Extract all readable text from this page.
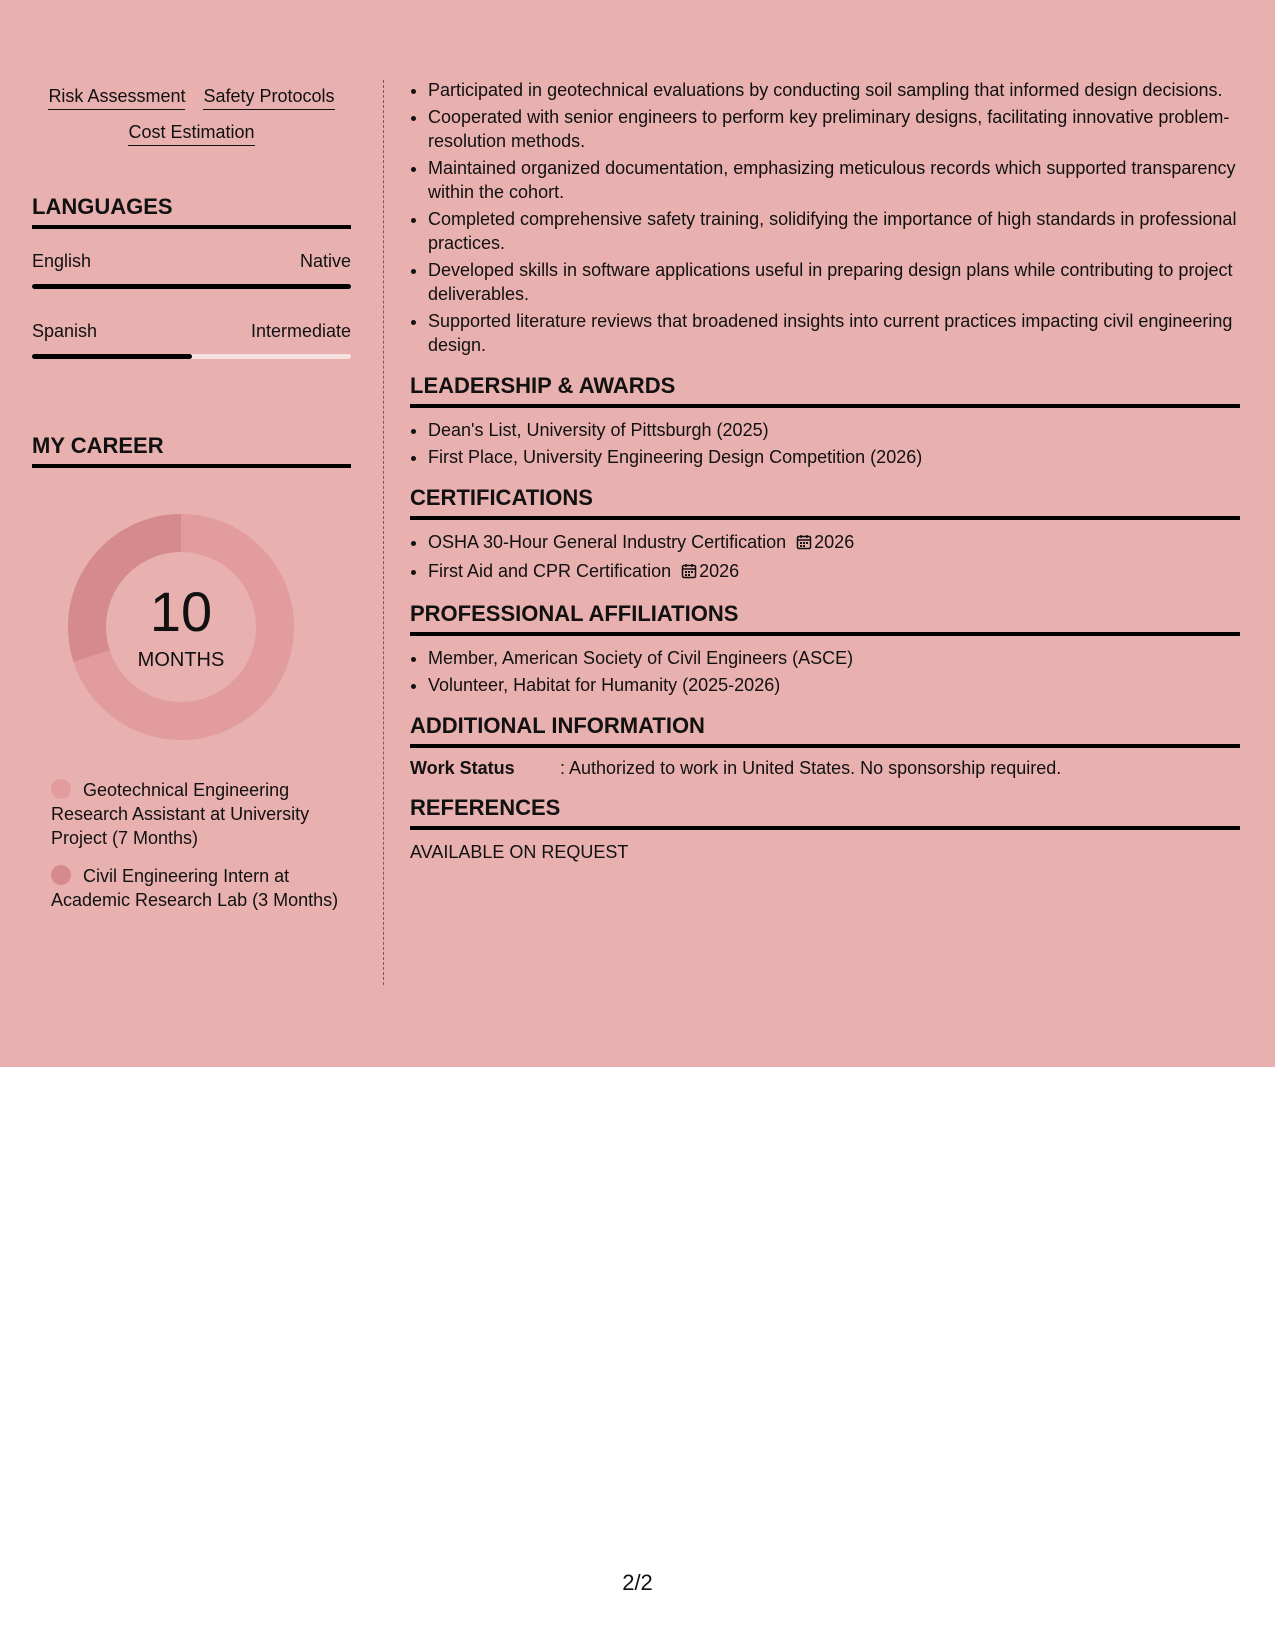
Risk Assessment Safety Protocols
Cost Estimation
LANGUAGES
English	Native
Spanish	Intermediate
MY CAREER
10
MONTHS
Geotechnical Engineering Research Assistant at University Project (7 Months)
Civil Engineering Intern at Academic Research Lab (3 Months)
• Participated in geotechnical evaluations by conducting soil sampling that informed design decisions.
• Cooperated with senior engineers to perform key preliminary designs, facilitating innovative problem-resolution methods.
• Maintained organized documentation, emphasizing meticulous records which supported transparency within the cohort.
• Completed comprehensive safety training, solidifying the importance of high standards in professional practices.
• Developed skills in software applications useful in preparing design plans while contributing to project deliverables.
• Supported literature reviews that broadened insights into current practices impacting civil engineering design.
LEADERSHIP & AWARDS
• Dean's List, University of Pittsburgh (2025)
• First Place, University Engineering Design Competition (2026)
CERTIFICATIONS
• OSHA 30-Hour General Industry Certification 2026
• First Aid and CPR Certification 2026
PROFESSIONAL AFFILIATIONS
• Member, American Society of Civil Engineers (ASCE)
• Volunteer, Habitat for Humanity (2025-2026)
ADDITIONAL INFORMATION
Work Status	: Authorized to work in United States. No sponsorship required.
REFERENCES
AVAILABLE ON REQUEST
2/2
